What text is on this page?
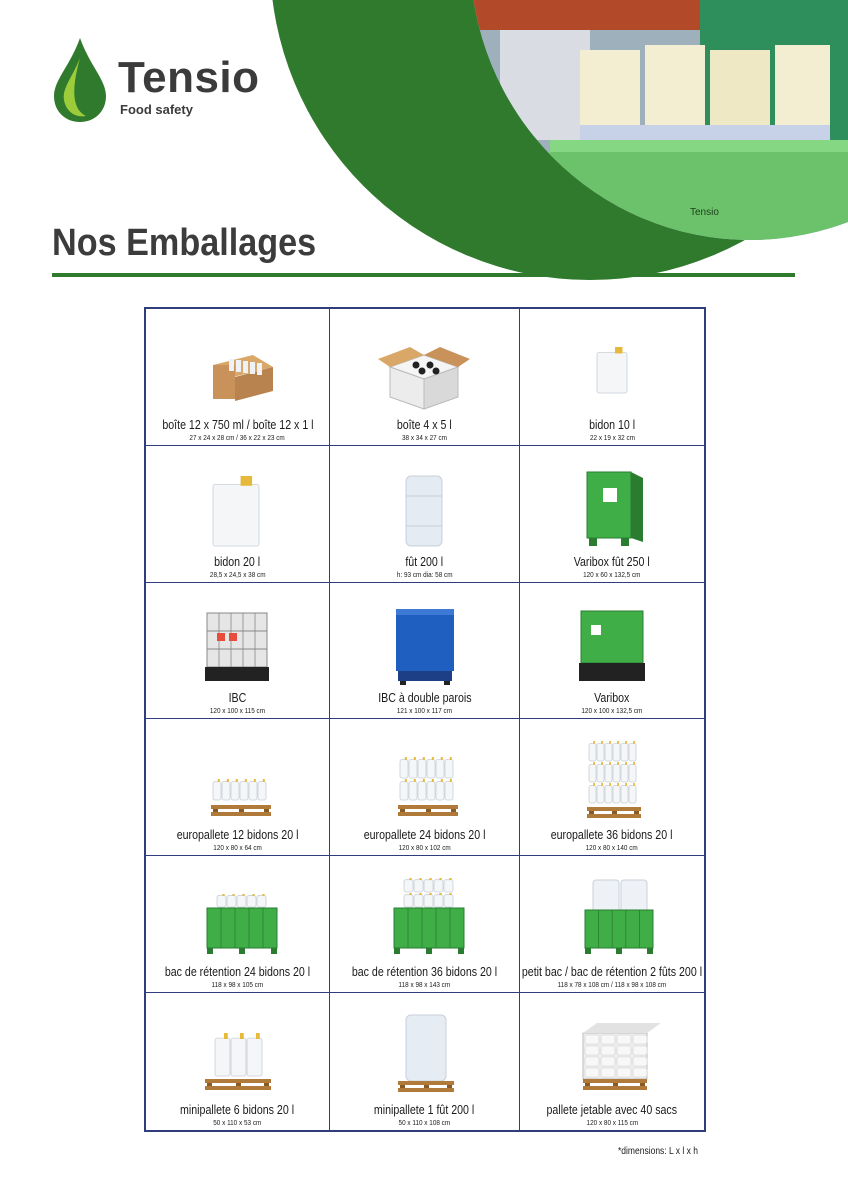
Tensio
Tensio
Food safety
Nos Emballages
boîte 12 x 750 ml / boîte 12 x 1 l
27 x 24 x 28 cm / 36 x 22 x 23 cm
boîte 4 x 5 l
38 x 34 x 27 cm
bidon 10 l
22 x 19 x 32 cm
bidon 20 l
28,5 x 24,5 x 38 cm
fût 200 l
h: 93 cm dia: 58 cm
Varibox fût 250 l
120 x 60 x 132,5 cm
IBC
120 x 100 x 115 cm
IBC à double parois
121 x 100 x 117 cm
Varibox
120 x 100 x 132,5 cm
europallete 12 bidons 20 l
120 x 80 x 64 cm
europallete 24 bidons 20 l
120 x 80 x 102 cm
europallete 36 bidons 20 l
120 x 80 x 140 cm
bac de rétention 24 bidons 20 l
118 x 98 x 105 cm
bac de rétention 36 bidons 20 l
118 x 98 x 143 cm
petit bac / bac de rétention 2 fûts 200 l
118 x 78 x 108 cm / 118 x 98 x 108 cm
minipallete 6 bidons 20 l
50 x 110 x 53 cm
minipallete 1 fût 200 l
50 x 110 x 108 cm
pallete jetable avec 40 sacs
120 x 80 x 115 cm
*dimensions: L x l x h
